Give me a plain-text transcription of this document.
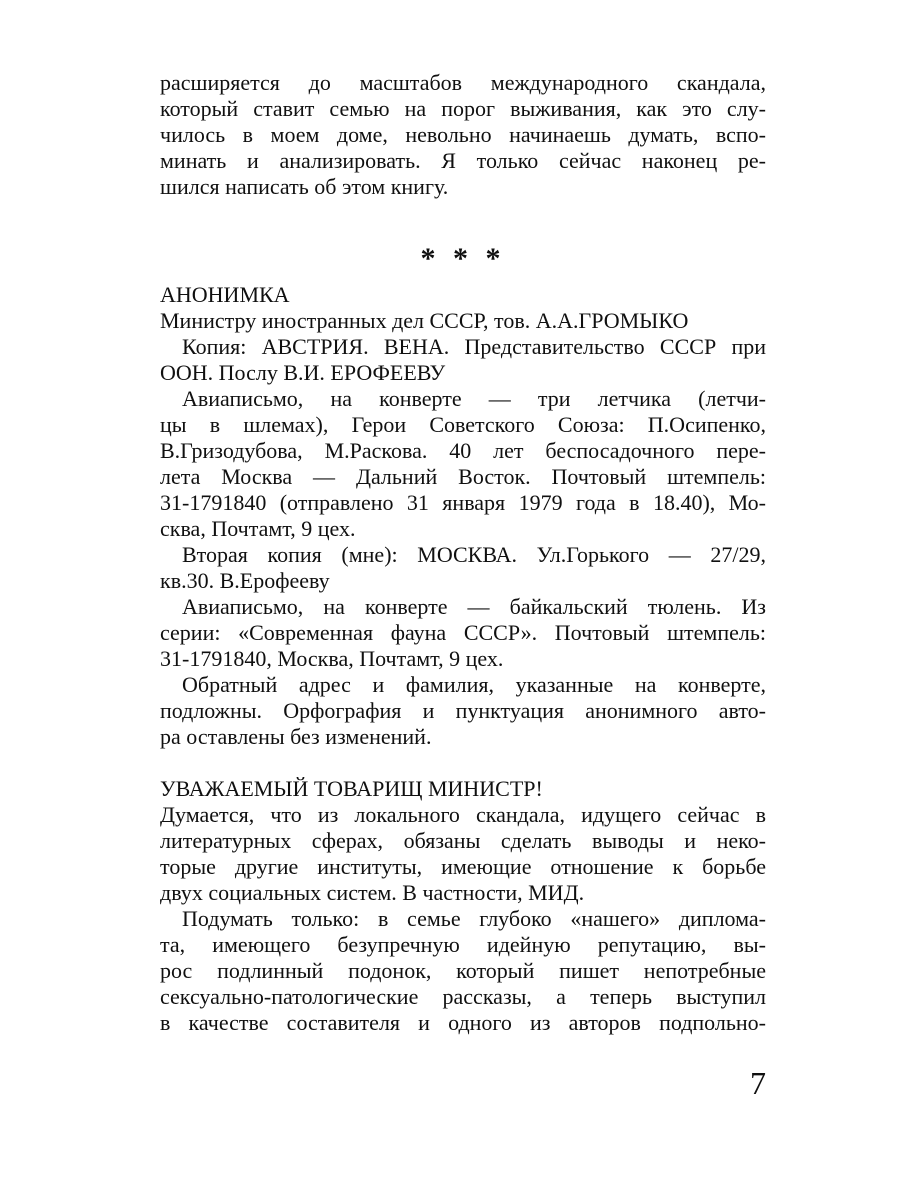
расширяется до масштабов международного скандала,
который ставит семью на порог выживания, как это слу-
чилось в моем доме, невольно начинаешь думать, вспо-
минать и анализировать. Я только сейчас наконец ре-
шился написать об этом книгу.
* * *
АНОНИМКА
Министру иностранных дел СССР, тов. А.А.ГРОМЫКО
Копия: АВСТРИЯ. ВЕНА. Представительство СССР при
ООН. Послу В.И. ЕРОФЕЕВУ
Авиаписьмо, на конверте — три летчика (летчи-
цы в шлемах), Герои Советского Союза: П.Осипенко,
В.Гризодубова, М.Раскова. 40 лет беспосадочного пере-
лета Москва — Дальний Восток. Почтовый штемпель:
31-1791840 (отправлено 31 января 1979 года в 18.40), Мо-
сква, Почтамт, 9 цех.
Вторая копия (мне): МОСКВА. Ул.Горького — 27/29,
кв.30. В.Ерофееву
Авиаписьмо, на конверте — байкальский тюлень. Из
серии: «Современная фауна СССР». Почтовый штемпель:
31-1791840, Москва, Почтамт, 9 цех.
Обратный адрес и фамилия, указанные на конверте,
подложны. Орфография и пунктуация анонимного авто-
ра оставлены без изменений.
УВАЖАЕМЫЙ ТОВАРИЩ МИНИСТР!
Думается, что из локального скандала, идущего сейчас в
литературных сферах, обязаны сделать выводы и неко-
торые другие институты, имеющие отношение к борьбе
двух социальных систем. В частности, МИД.
Подумать только: в семье глубоко «нашего» диплома-
та, имеющего безупречную идейную репутацию, вы-
рос подлинный подонок, который пишет непотребные
сексуально-патологические рассказы, а теперь выступил
в качестве составителя и одного из авторов подпольно-
7
